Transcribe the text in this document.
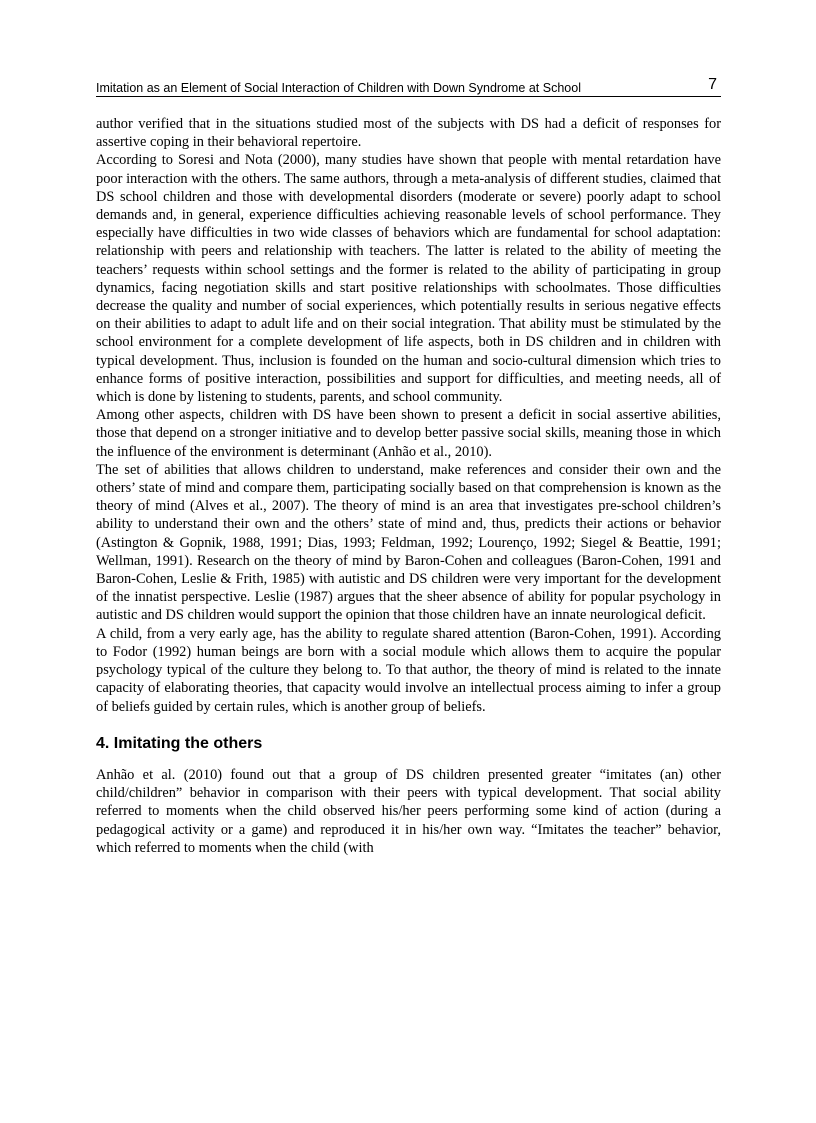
Imitation as an Element of Social Interaction of Children with Down Syndrome at School	7

author verified that in the situations studied most of the subjects with DS had a deficit of responses for assertive coping in their behavioral repertoire.

According to Soresi and Nota (2000), many studies have shown that people with mental retardation have poor interaction with the others. The same authors, through a meta-analysis of different studies, claimed that DS school children and those with developmental disorders (moderate or severe) poorly adapt to school demands and, in general, experience difficulties achieving reasonable levels of school performance. They especially have difficulties in two wide classes of behaviors which are fundamental for school adaptation: relationship with peers and relationship with teachers. The latter is related to the ability of meeting the teachers’ requests within school settings and the former is related to the ability of participating in group dynamics, facing negotiation skills and start positive relationships with schoolmates. Those difficulties decrease the quality and number of social experiences, which potentially results in serious negative effects on their abilities to adapt to adult life and on their social integration. That ability must be stimulated by the school environment for a complete development of life aspects, both in DS children and in children with typical development. Thus, inclusion is founded on the human and socio-cultural dimension which tries to enhance forms of positive interaction, possibilities and support for difficulties, and meeting needs, all of which is done by listening to students, parents, and school community.

Among other aspects, children with DS have been shown to present a deficit in social assertive abilities, those that depend on a stronger initiative and to develop better passive social skills, meaning those in which the influence of the environment is determinant (Anhão et al., 2010).

The set of abilities that allows children to understand, make references and consider their own and the others’ state of mind and compare them, participating socially based on that comprehension is known as the theory of mind (Alves et al., 2007). The theory of mind is an area that investigates pre-school children’s ability to understand their own and the others’ state of mind and, thus, predicts their actions or behavior (Astington & Gopnik, 1988, 1991; Dias, 1993; Feldman, 1992; Lourenço, 1992; Siegel & Beattie, 1991; Wellman, 1991). Research on the theory of mind by Baron-Cohen and colleagues (Baron-Cohen, 1991 and Baron-Cohen, Leslie & Frith, 1985) with autistic and DS children were very important for the development of the innatist perspective. Leslie (1987) argues that the sheer absence of ability for popular psychology in autistic and DS children would support the opinion that those children have an innate neurological deficit.

A child, from a very early age, has the ability to regulate shared attention (Baron-Cohen, 1991). According to Fodor (1992) human beings are born with a social module which allows them to acquire the popular psychology typical of the culture they belong to. To that author, the theory of mind is related to the innate capacity of elaborating theories, that capacity would involve an intellectual process aiming to infer a group of beliefs guided by certain rules, which is another group of beliefs.

4. Imitating the others

Anhão et al. (2010) found out that a group of DS children presented greater “imitates (an) other child/children” behavior in comparison with their peers with typical development. That social ability referred to moments when the child observed his/her peers performing some kind of action (during a pedagogical activity or a game) and reproduced it in his/her own way. “Imitates the teacher” behavior, which referred to moments when the child (with
